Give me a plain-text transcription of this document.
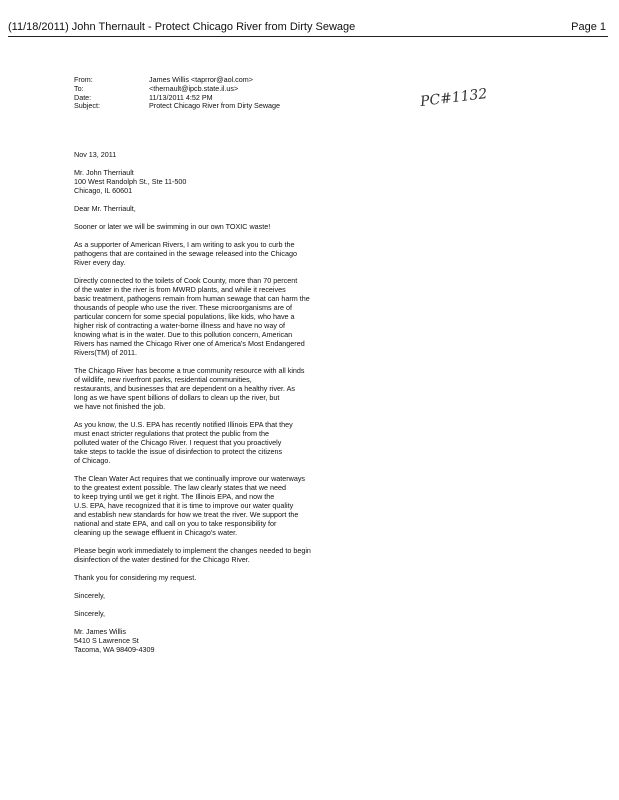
(11/18/2011) John Thernault - Protect Chicago River from Dirty Sewage	Page 1
From:	James Willis <taprror@aol.com>
To:	<thernault@ipcb.state.il.us>
Date:	11/13/2011 4:52 PM
Subject:	Protect Chicago River from Dirty Sewage	PC#1132

Nov 13, 2011

Mr. John Therriault
100 West Randolph St., Ste 11-500
Chicago, IL 60601

Dear Mr. Therriault,

Sooner or later we will be swimming in our own TOXIC waste!
As a supporter of American Rivers, I am writing to ask you to curb the
pathogens that are contained in the sewage released into the Chicago
River every day.
Directly connected to the toilets of Cook County, more than 70 percent
of the water in the river is from MWRD plants, and while it receives
basic treatment, pathogens remain from human sewage that can harm the
thousands of people who use the river. These microorganisms are of
particular concern for some special populations, like kids, who have a
higher risk of contracting a water-borne illness and have no way of
knowing what is in the water. Due to this pollution concern, American
Rivers has named the Chicago River one of America's Most Endangered
Rivers(TM) of 2011.
The Chicago River has become a true community resource with all kinds
of wildlife, new riverfront parks, residential communities,
restaurants, and businesses that are dependent on a healthy river. As
long as we have spent billions of dollars to clean up the river, but
we have not finished the job.
As you know, the U.S. EPA has recently notified Illinois EPA that they
must enact stricter regulations that protect the public from the
polluted water of the Chicago River. I request that you proactively
take steps to tackle the issue of disinfection to protect the citizens
of Chicago.
The Clean Water Act requires that we continually improve our waterways
to the greatest extent possible. The law clearly states that we need
to keep trying until we get it right. The Illinois EPA, and now the
U.S. EPA, have recognized that it is time to improve our water quality
and establish new standards for how we treat the river. We support the
national and state EPA, and call on you to take responsibility for
cleaning up the sewage effluent in Chicago's water.
Please begin work immediately to implement the changes needed to begin
disinfection of the water destined for the Chicago River.
Thank you for considering my request.
Sincerely,
Sincerely,
Mr. James Willis
5410 S Lawrence St
Tacoma, WA 98409-4309
